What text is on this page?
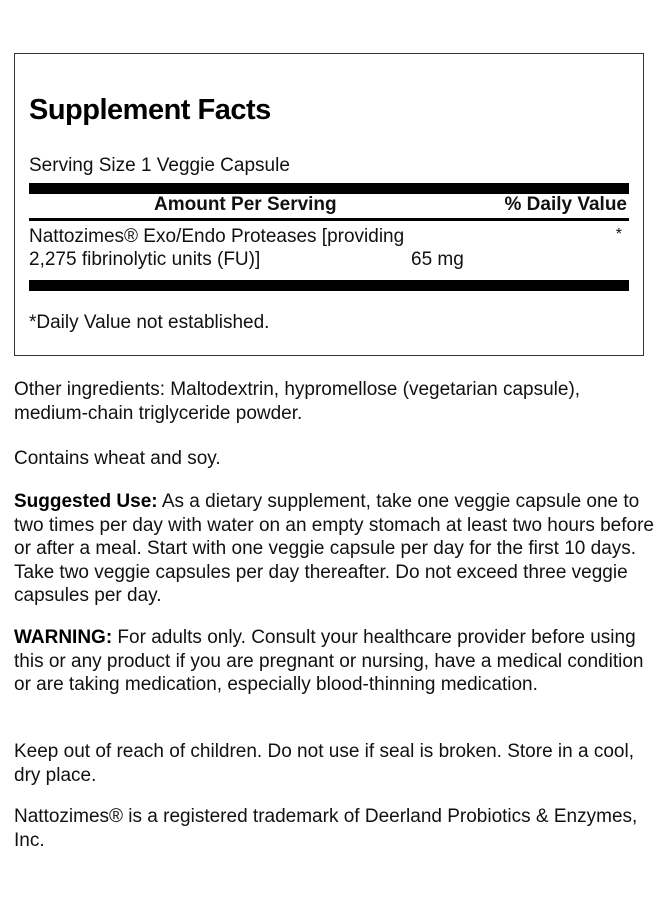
Supplement Facts
Serving Size 1 Veggie Capsule
Amount Per Serving	% Daily Value
Nattozimes® Exo/Endo Proteases [providing
2,275 fibrinolytic units (FU)]	65 mg
*
*Daily Value not established.

Other ingredients: Maltodextrin, hypromellose (vegetarian capsule), medium-chain triglyceride powder.

Contains wheat and soy.

Suggested Use: As a dietary supplement, take one veggie capsule one to two times per day with water on an empty stomach at least two hours before or after a meal. Start with one veggie capsule per day for the first 10 days. Take two veggie capsules per day thereafter. Do not exceed three veggie capsules per day.

WARNING: For adults only. Consult your healthcare provider before using this or any product if you are pregnant or nursing, have a medical condition or are taking medication, especially blood-thinning medication.

Keep out of reach of children. Do not use if seal is broken. Store in a cool, dry place.

Nattozimes® is a registered trademark of Deerland Probiotics & Enzymes, Inc.
